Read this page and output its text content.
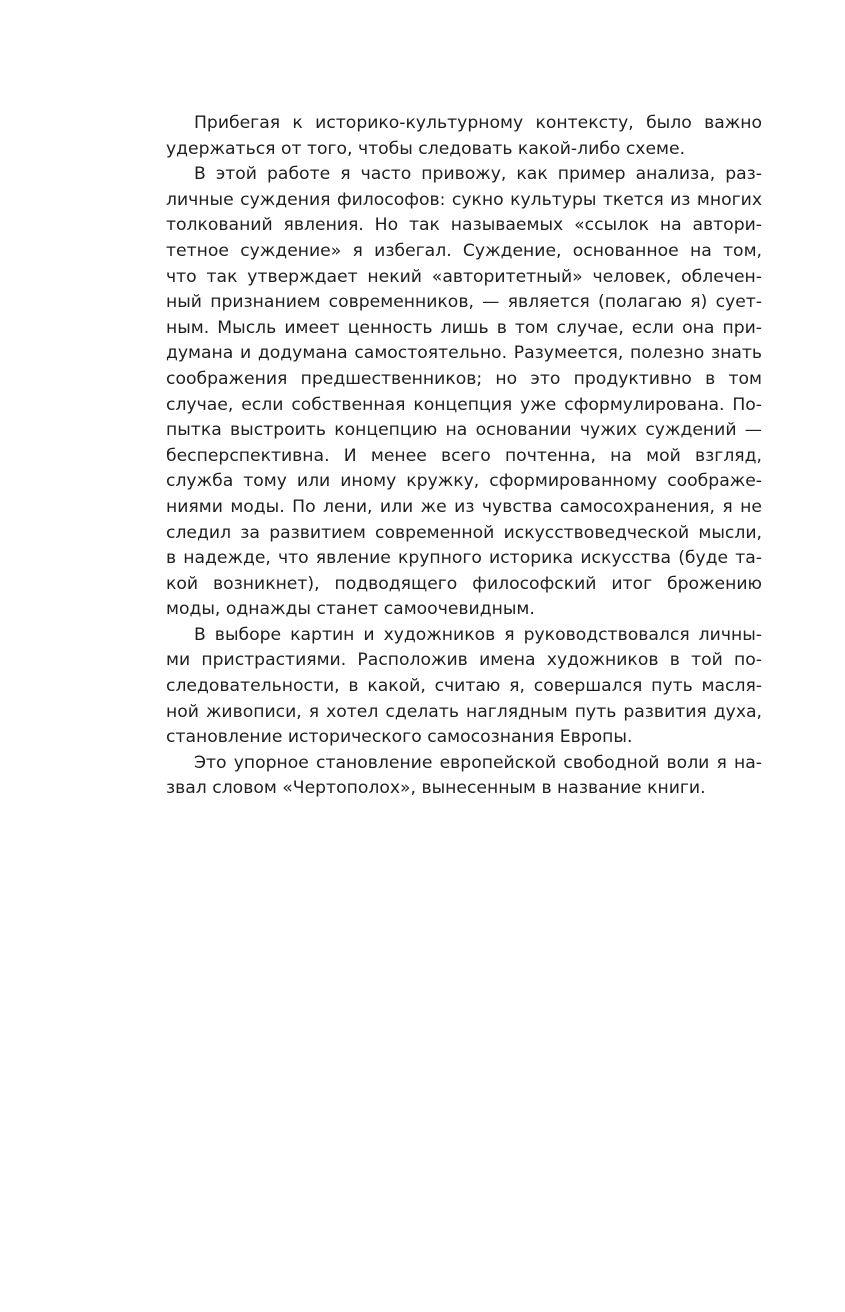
Прибегая к историко-культурному контексту, было важно
удержаться от того, чтобы следовать какой-либо схеме.
В этой работе я часто привожу, как пример анализа, раз-
личные суждения философов: сукно культуры ткется из многих
толкований явления. Но так называемых «ссылок на автори-
тетное суждение» я избегал. Суждение, основанное на том,
что так утверждает некий «авторитетный» человек, облечен-
ный признанием современников, — является (полагаю я) сует-
ным. Мысль имеет ценность лишь в том случае, если она при-
думана и додумана самостоятельно. Разумеется, полезно знать
соображения предшественников; но это продуктивно в том
случае, если собственная концепция уже сформулирована. По-
пытка выстроить концепцию на основании чужих суждений —
бесперспективна. И менее всего почтенна, на мой взгляд,
служба тому или иному кружку, сформированному соображе-
ниями моды. По лени, или же из чувства самосохранения, я не
следил за развитием современной искусствоведческой мысли,
в надежде, что явление крупного историка искусства (буде та-
кой возникнет), подводящего философский итог брожению
моды, однажды станет самоочевидным.
В выборе картин и художников я руководствовался личны-
ми пристрастиями. Расположив имена художников в той по-
следовательности, в какой, считаю я, совершался путь масля-
ной живописи, я хотел сделать наглядным путь развития духа,
становление исторического самосознания Европы.
Это упорное становление европейской свободной воли я на-
звал словом «Чертополох», вынесенным в название книги.
